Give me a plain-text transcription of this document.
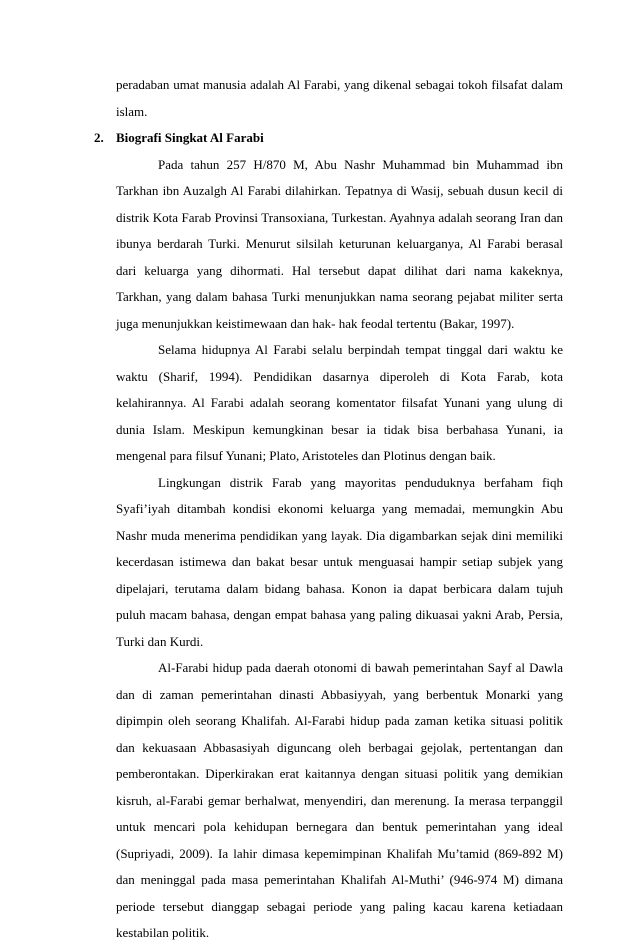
peradaban umat manusia adalah Al Farabi, yang dikenal sebagai tokoh filsafat dalam islam.

2. Biografi Singkat Al Farabi

Pada tahun 257 H/870 M, Abu Nashr Muhammad bin Muhammad ibn Tarkhan ibn Auzalgh Al Farabi dilahirkan. Tepatnya di Wasij, sebuah dusun kecil di distrik Kota Farab Provinsi Transoxiana, Turkestan. Ayahnya adalah seorang Iran dan ibunya berdarah Turki. Menurut silsilah keturunan keluarganya, Al Farabi berasal dari keluarga yang dihormati. Hal tersebut dapat dilihat dari nama kakeknya, Tarkhan, yang dalam bahasa Turki menunjukkan nama seorang pejabat militer serta juga menunjukkan keistimewaan dan hak- hak feodal tertentu (Bakar, 1997).

Selama hidupnya Al Farabi selalu berpindah tempat tinggal dari waktu ke waktu (Sharif, 1994). Pendidikan dasarnya diperoleh di Kota Farab, kota kelahirannya. Al Farabi adalah seorang komentator filsafat Yunani yang ulung di dunia Islam. Meskipun kemungkinan besar ia tidak bisa berbahasa Yunani, ia mengenal para filsuf Yunani; Plato, Aristoteles dan Plotinus dengan baik.

Lingkungan distrik Farab yang mayoritas penduduknya berfaham fiqh Syafi’iyah ditambah kondisi ekonomi keluarga yang memadai, memungkin Abu Nashr muda menerima pendidikan yang layak. Dia digambarkan sejak dini memiliki kecerdasan istimewa dan bakat besar untuk menguasai hampir setiap subjek yang dipelajari, terutama dalam bidang bahasa. Konon ia dapat berbicara dalam tujuh puluh macam bahasa, dengan empat bahasa yang paling dikuasai yakni Arab, Persia, Turki dan Kurdi.

Al-Farabi hidup pada daerah otonomi di bawah pemerintahan Sayf al Dawla dan di zaman pemerintahan dinasti Abbasiyyah, yang berbentuk Monarki yang dipimpin oleh seorang Khalifah. Al-Farabi hidup pada zaman ketika situasi politik dan kekuasaan Abbasasiyah diguncang oleh berbagai gejolak, pertentangan dan pemberontakan. Diperkirakan erat kaitannya dengan situasi politik yang demikian kisruh, al-Farabi gemar berhalwat, menyendiri, dan merenung. Ia merasa terpanggil untuk mencari pola kehidupan bernegara dan bentuk pemerintahan yang ideal (Supriyadi, 2009). Ia lahir dimasa kepemimpinan Khalifah Mu’tamid (869-892 M) dan meninggal pada masa pemerintahan Khalifah Al-Muthi’ (946-974 M) dimana periode tersebut dianggap sebagai periode yang paling kacau karena ketiadaan kestabilan politik.
